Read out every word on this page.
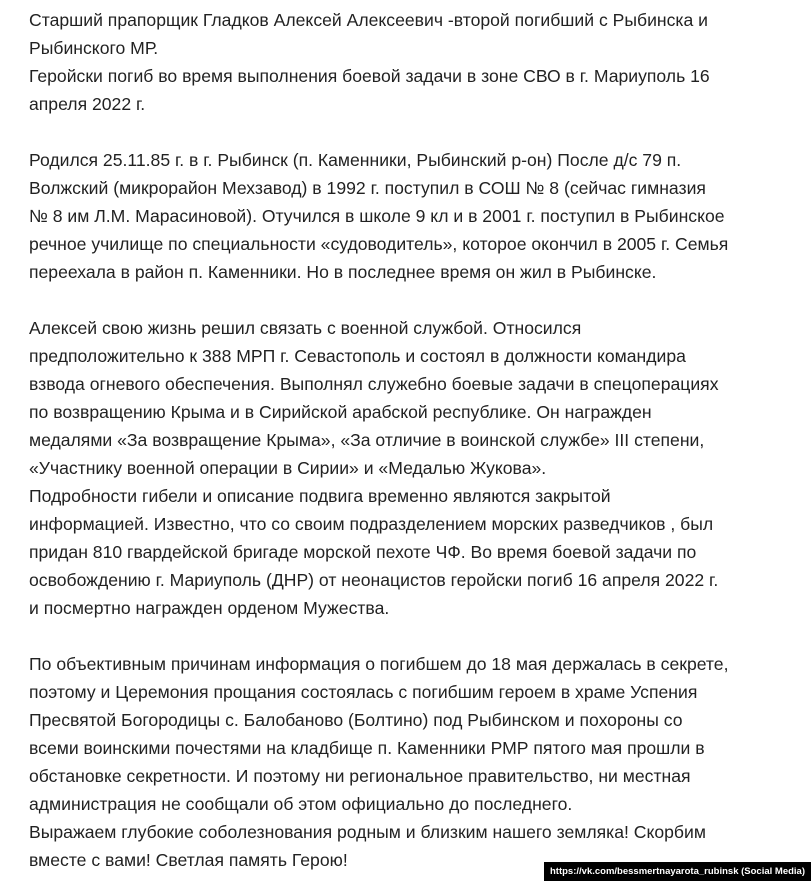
Старший прапорщик Гладков Алексей Алексеевич -второй погибший с Рыбинска и
Рыбинского МР.
Геройски погиб во время выполнения боевой задачи в зоне СВО в г. Мариуполь 16
апреля 2022 г.
Родился 25.11.85 г. в г. Рыбинск (п. Каменники, Рыбинский р-он) После д/с 79 п.
Волжский (микрорайон Мехзавод) в 1992 г. поступил в СОШ № 8 (сейчас гимназия
№ 8 им Л.М. Марасиновой). Отучился в школе 9 кл и в 2001 г. поступил в Рыбинское
речное училище по специальности «судоводитель», которое окончил в 2005 г. Семья
переехала в район п. Каменники. Но в последнее время он жил в Рыбинске.
Алексей свою жизнь решил связать с военной службой. Относился
предположительно к 388 МРП г. Севастополь и состоял в должности командира
взвода огневого обеспечения. Выполнял служебно боевые задачи в спецоперациях
по возвращению Крыма и в Сирийской арабской республике. Он награжден
медалями «За возвращение Крыма», «За отличие в воинской службе» III степени,
«Участнику военной операции в Сирии» и «Медалью Жукова».
Подробности гибели и описание подвига временно являются закрытой
информацией. Известно, что со своим подразделением морских разведчиков , был
придан 810 гвардейской бригаде морской пехоте ЧФ. Во время боевой задачи по
освобождению г. Мариуполь (ДНР) от неонацистов геройски погиб 16 апреля 2022 г.
и посмертно награжден орденом Мужества.
По объективным причинам информация о погибшем до 18 мая держалась в секрете,
поэтому и Церемония прощания состоялась с погибшим героем в храме Успения
Пресвятой Богородицы с. Балобаново (Болтино) под Рыбинском и похороны со
всеми воинскими почестями на кладбище п. Каменники РМР пятого мая прошли в
обстановке секретности. И поэтому ни региональное правительство, ни местная
администрация не сообщали об этом официально до последнего.
Выражаем глубокие соболезнования родным и близким нашего земляка! Скорбим
вместе с вами! Светлая память Герою!
https://vk.com/bessmertnayarota_rubinsk (Social Media)
